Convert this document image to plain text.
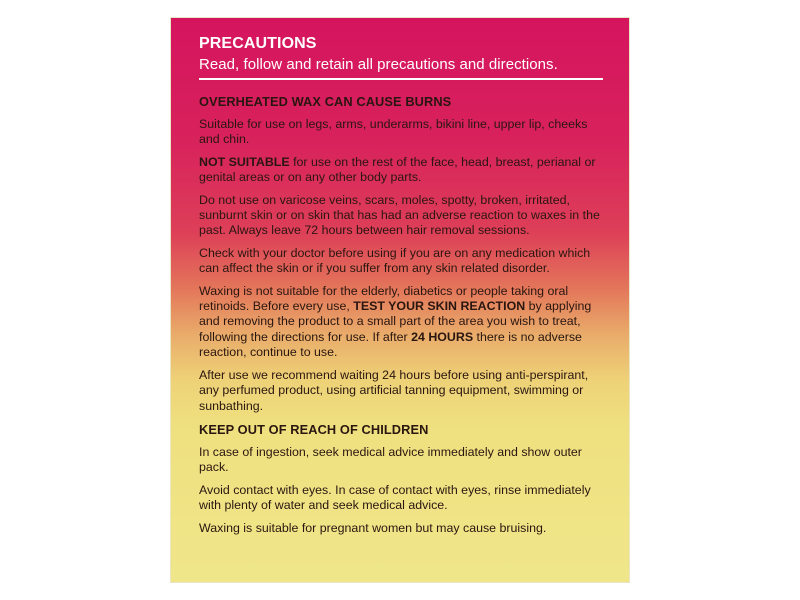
PRECAUTIONS
Read, follow and retain all precautions and directions.
OVERHEATED WAX CAN CAUSE BURNS

Suitable for use on legs, arms, underarms, bikini line, upper lip, cheeks and chin.

NOT SUITABLE for use on the rest of the face, head, breast, perianal or genital areas or on any other body parts.

Do not use on varicose veins, scars, moles, spotty, broken, irritated, sunburnt skin or on skin that has had an adverse reaction to waxes in the past. Always leave 72 hours between hair removal sessions.

Check with your doctor before using if you are on any medication which can affect the skin or if you suffer from any skin related disorder.

Waxing is not suitable for the elderly, diabetics or people taking oral retinoids. Before every use, TEST YOUR SKIN REACTION by applying and removing the product to a small part of the area you wish to treat, following the directions for use. If after 24 HOURS there is no adverse reaction, continue to use.

After use we recommend waiting 24 hours before using anti-perspirant, any perfumed product, using artificial tanning equipment, swimming or sunbathing.

KEEP OUT OF REACH OF CHILDREN

In case of ingestion, seek medical advice immediately and show outer pack.

Avoid contact with eyes. In case of contact with eyes, rinse immediately with plenty of water and seek medical advice.

Waxing is suitable for pregnant women but may cause bruising.
